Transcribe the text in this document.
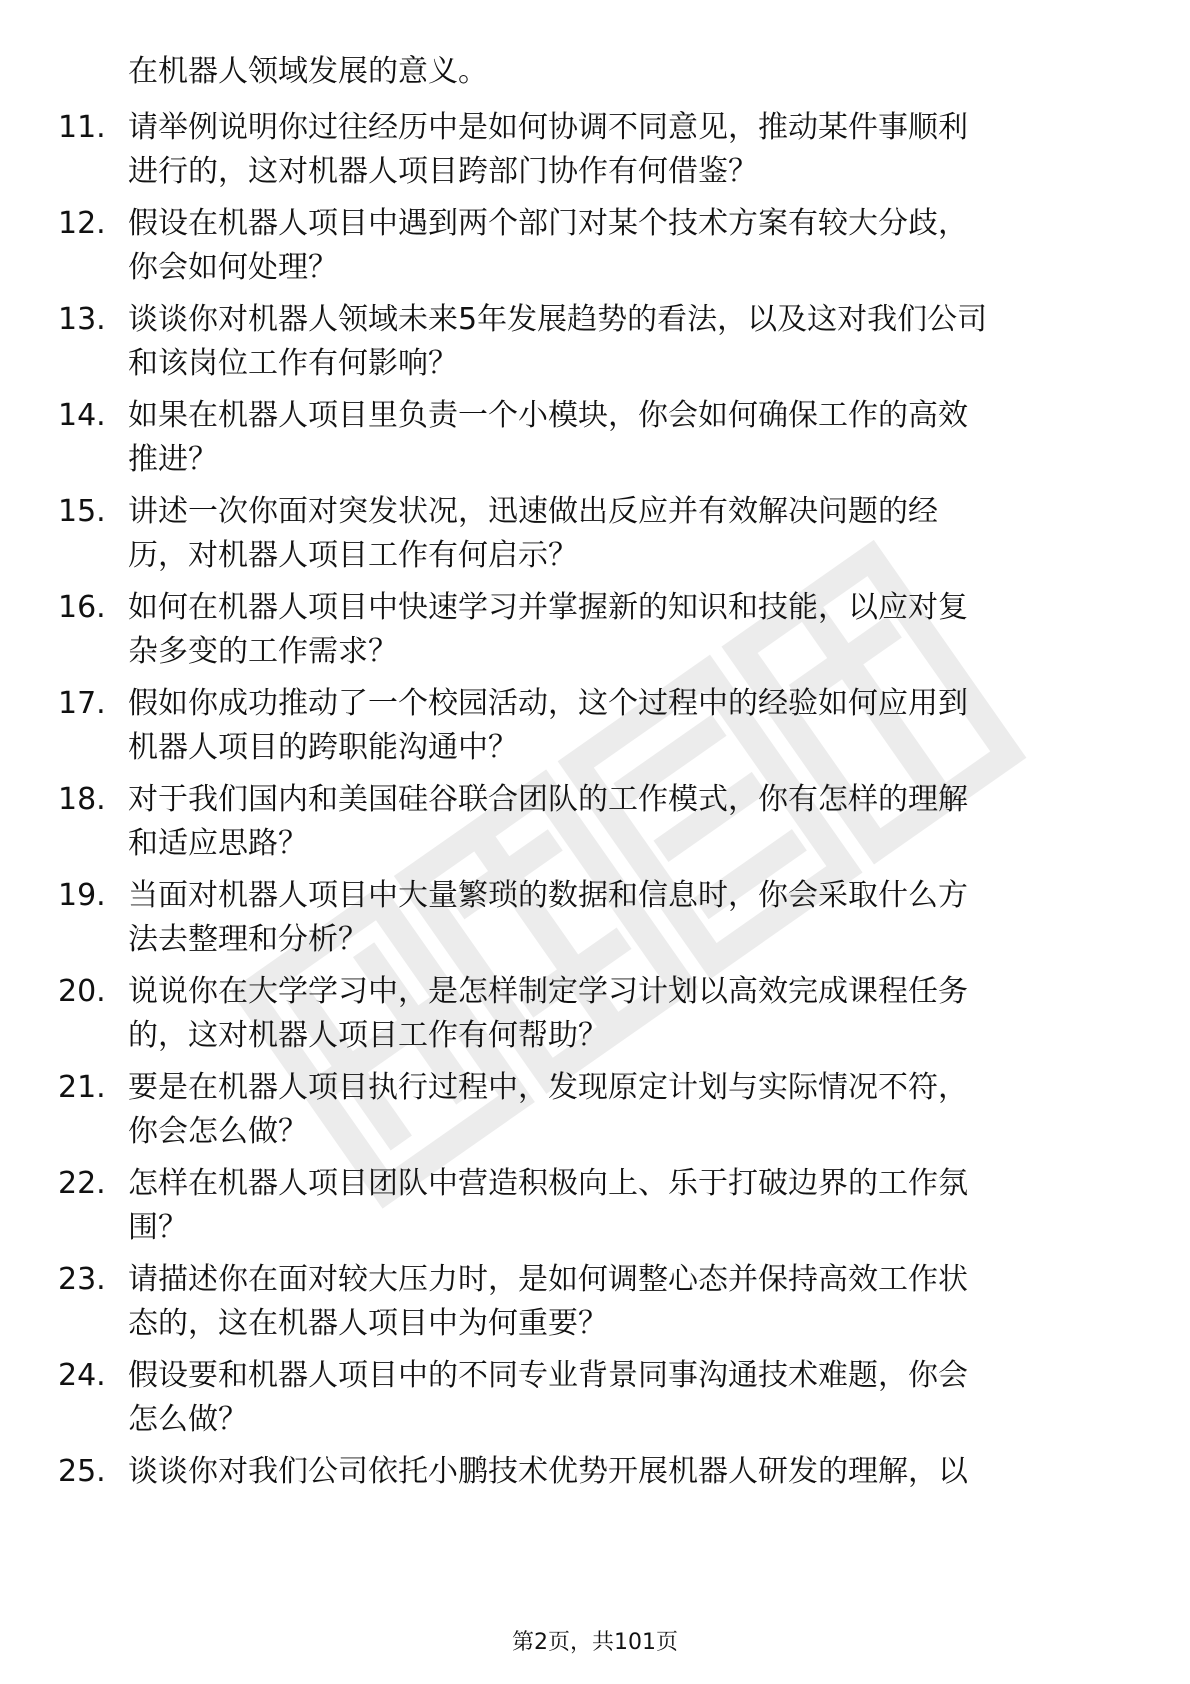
在机器人领域发展的意义。
11. 请举例说明你过往经历中是如何协调不同意见，推动某件事顺利
进行的，这对机器人项目跨部门协作有何借鉴？
12. 假设在机器人项目中遇到两个部门对某个技术方案有较大分歧，
你会如何处理？
13. 谈谈你对机器人领域未来5年发展趋势的看法，以及这对我们公司
和该岗位工作有何影响？
14. 如果在机器人项目里负责一个小模块，你会如何确保工作的高效
推进？
15. 讲述一次你面对突发状况，迅速做出反应并有效解决问题的经
历，对机器人项目工作有何启示？
16. 如何在机器人项目中快速学习并掌握新的知识和技能，以应对复
杂多变的工作需求？
17. 假如你成功推动了一个校园活动，这个过程中的经验如何应用到
机器人项目的跨职能沟通中？
18. 对于我们国内和美国硅谷联合团队的工作模式，你有怎样的理解
和适应思路？
19. 当面对机器人项目中大量繁琐的数据和信息时，你会采取什么方
法去整理和分析？
20. 说说你在大学学习中，是怎样制定学习计划以高效完成课程任务
的，这对机器人项目工作有何帮助？
21. 要是在机器人项目执行过程中，发现原定计划与实际情况不符，
你会怎么做？
22. 怎样在机器人项目团队中营造积极向上、乐于打破边界的工作氛
围？
23. 请描述你在面对较大压力时，是如何调整心态并保持高效工作状
态的，这在机器人项目中为何重要？
24. 假设要和机器人项目中的不同专业背景同事沟通技术难题，你会
怎么做？
25. 谈谈你对我们公司依托小鹏技术优势开展机器人研发的理解，以
第2页，共101页
